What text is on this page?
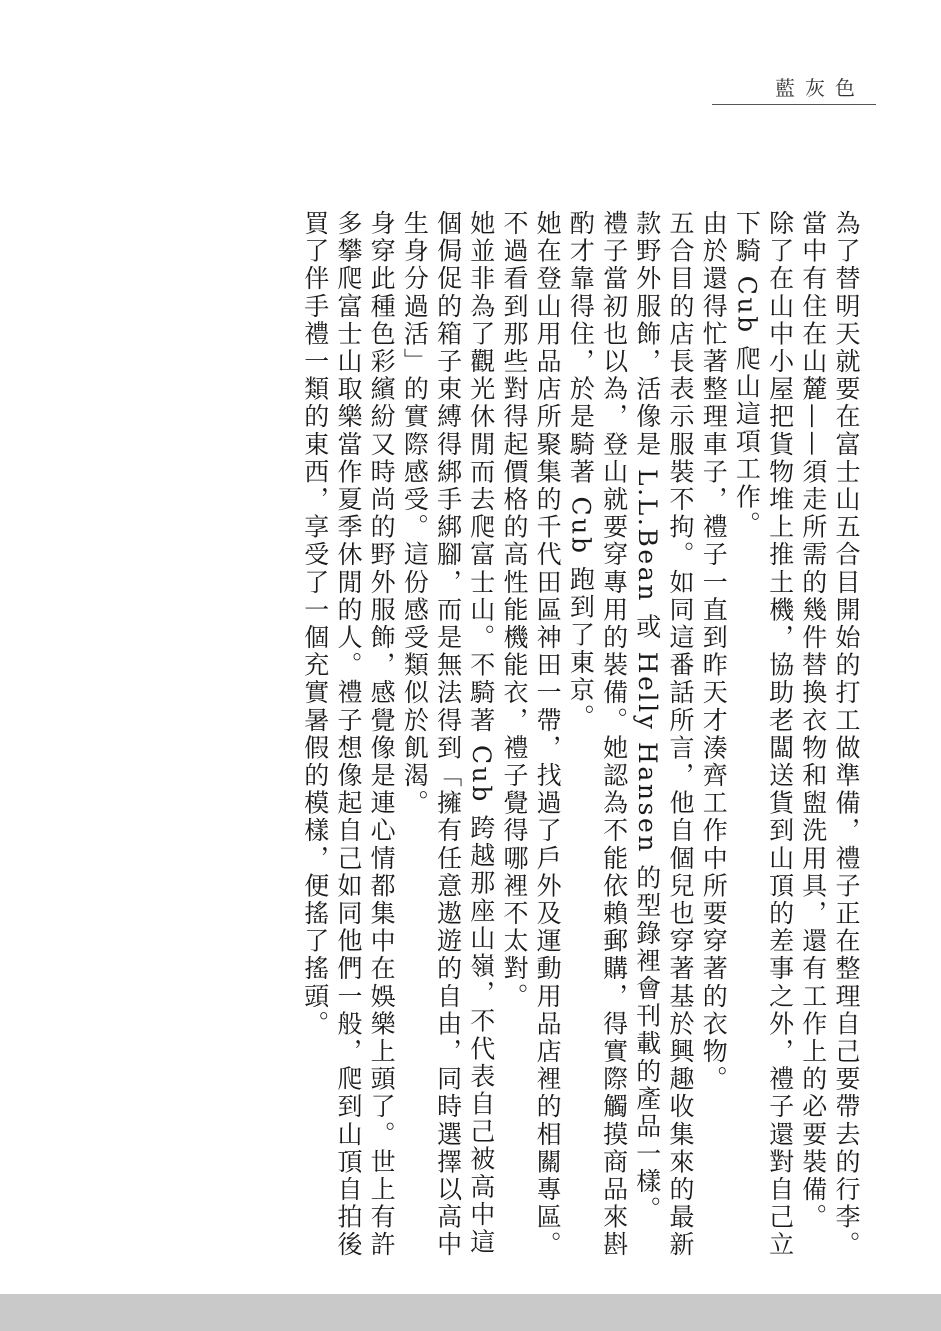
藍灰色

為了替明天就要在富士山五合目開始的打工做準備，禮子正在整理自己要帶去的行李。

當中有住在山麓——須走所需的幾件替換衣物和盥洗用具，還有工作上的必要裝備。

除了在山中小屋把貨物堆上推土機，協助老闆送貨到山頂的差事之外，禮子還對自己立下騎 Cub 爬山這項工作。

由於還得忙著整理車子，禮子一直到昨天才湊齊工作中所要穿著的衣物。

五合目的店長表示服裝不拘。如同這番話所言，他自個兒也穿著基於興趣收集來的最新款野外服飾，活像是 L.L.Bean 或 Helly Hansen 的型錄裡會刊載的產品一樣。

禮子當初也以為，登山就要穿專用的裝備。她認為不能依賴郵購，得實際觸摸商品來斟酌才靠得住，於是騎著 Cub 跑到了東京。

她在登山用品店所聚集的千代田區神田一帶，找過了戶外及運動用品店裡的相關專區。不過看到那些對得起價格的高性能機能衣，禮子覺得哪裡不太對。

她並非為了觀光休閒而去爬富士山。不騎著 Cub 跨越那座山嶺，不代表自己被高中這個侷促的箱子束縛得綁手綁腳，而是無法得到「擁有任意遨遊的自由，同時選擇以高中生身分過活」的實際感受。這份感受類似於飢渴。

身穿此種色彩繽紛又時尚的野外服飾，感覺像是連心情都集中在娛樂上頭了。世上有許多攀爬富士山取樂當作夏季休閒的人。禮子想像起自己如同他們一般，爬到山頂自拍後買了伴手禮一類的東西，享受了一個充實暑假的模樣，便搖了搖頭。
